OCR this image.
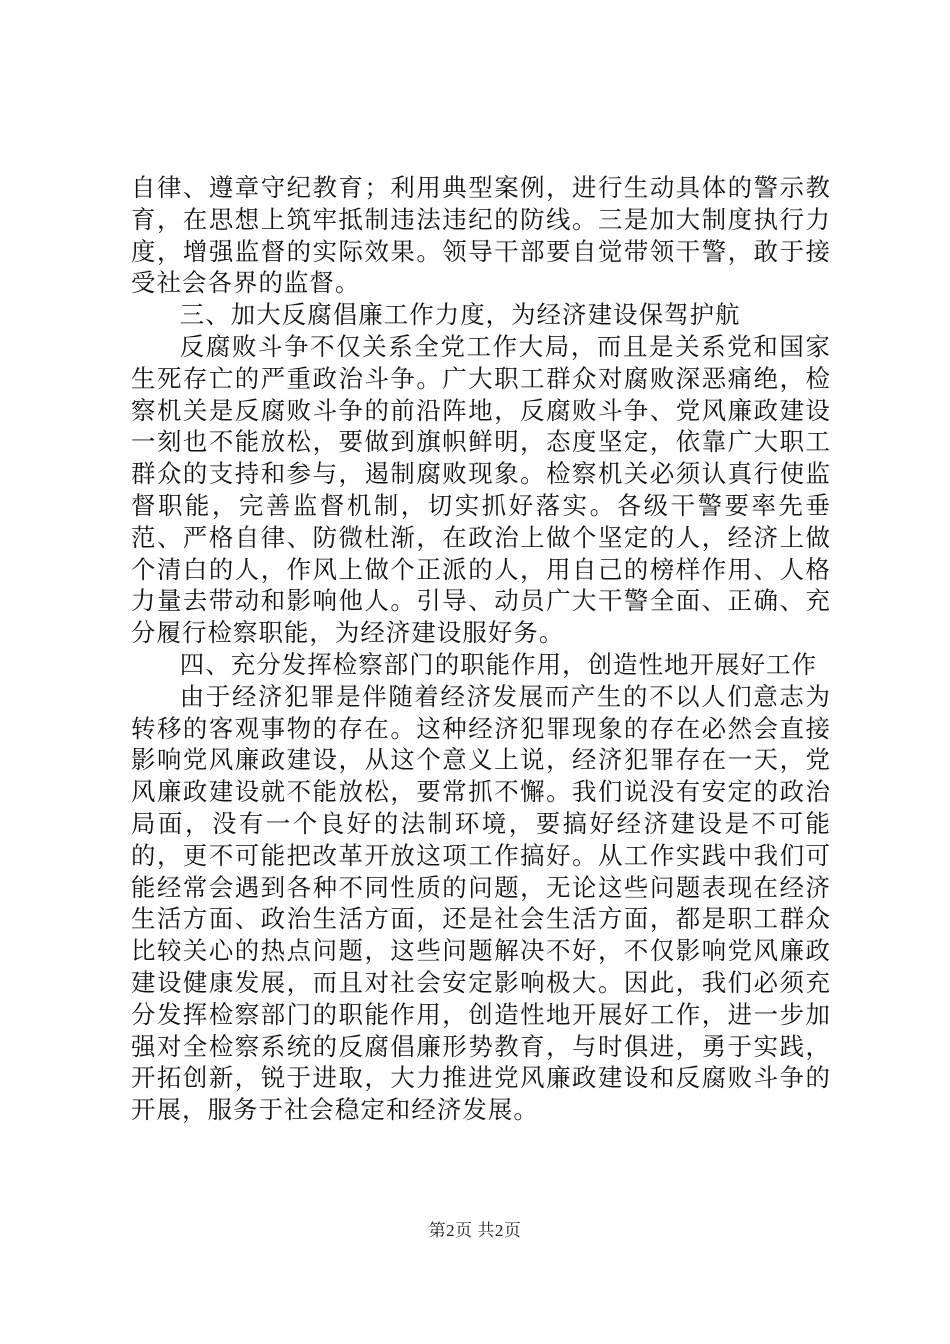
自律、遵章守纪教育；利用典型案例，进行生动具体的警示教育，在思想上筑牢抵制违法违纪的防线。三是加大制度执行力度，增强监督的实际效果。领导干部要自觉带领干警，敢于接受社会各界的监督。

三、加大反腐倡廉工作力度，为经济建设保驾护航

反腐败斗争不仅关系全党工作大局，而且是关系党和国家生死存亡的严重政治斗争。广大职工群众对腐败深恶痛绝，检察机关是反腐败斗争的前沿阵地，反腐败斗争、党风廉政建设一刻也不能放松，要做到旗帜鲜明，态度坚定，依靠广大职工群众的支持和参与，遏制腐败现象。检察机关必须认真行使监督职能，完善监督机制，切实抓好落实。各级干警要率先垂范、严格自律、防微杜渐，在政治上做个坚定的人，经济上做个清白的人，作风上做个正派的人，用自己的榜样作用、人格力量去带动和影响他人。引导、动员广大干警全面、正确、充分履行检察职能，为经济建设服好务。

四、充分发挥检察部门的职能作用，创造性地开展好工作

由于经济犯罪是伴随着经济发展而产生的不以人们意志为转移的客观事物的存在。这种经济犯罪现象的存在必然会直接影响党风廉政建设，从这个意义上说，经济犯罪存在一天，党风廉政建设就不能放松，要常抓不懈。我们说没有安定的政治局面，没有一个良好的法制环境，要搞好经济建设是不可能的，更不可能把改革开放这项工作搞好。从工作实践中我们可能经常会遇到各种不同性质的问题，无论这些问题表现在经济生活方面、政治生活方面，还是社会生活方面，都是职工群众比较关心的热点问题，这些问题解决不好，不仅影响党风廉政建设健康发展，而且对社会安定影响极大。因此，我们必须充分发挥检察部门的职能作用，创造性地开展好工作，进一步加强对全检察系统的反腐倡廉形势教育，与时俱进，勇于实践，开拓创新，锐于进取，大力推进党风廉政建设和反腐败斗争的开展，服务于社会稳定和经济发展。

第2页 共2页
